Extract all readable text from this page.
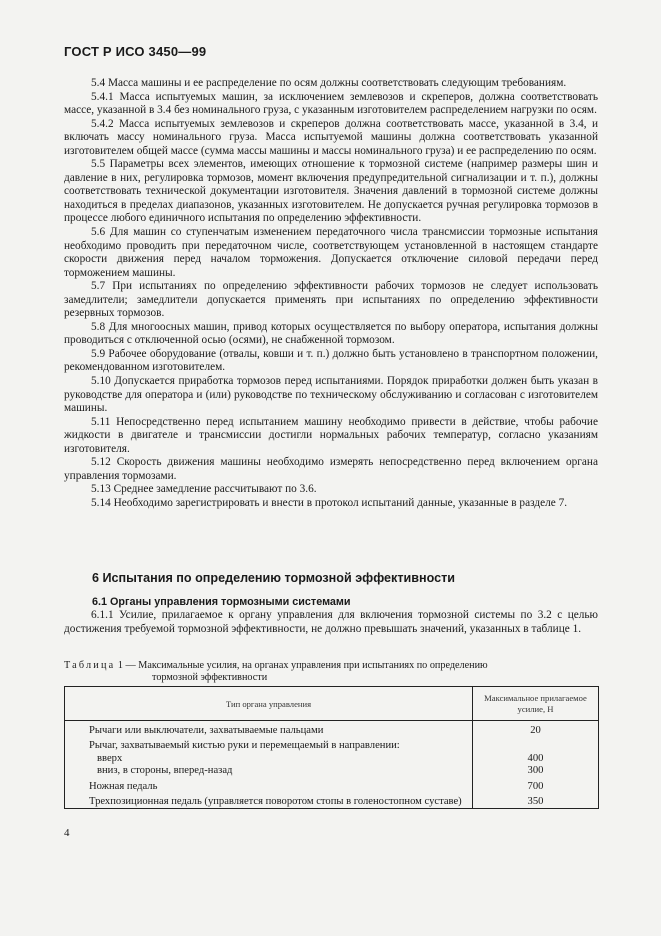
ГОСТ Р ИСО 3450—99

5.4 Масса машины и ее распределение по осям должны соответствовать следующим требованиям.

5.4.1 Масса испытуемых машин, за исключением землевозов и скреперов, должна соответствовать массе, указанной в 3.4 без номинального груза, с указанным изготовителем распределением нагрузки по осям.

5.4.2 Масса испытуемых землевозов и скреперов должна соответствовать массе, указанной в 3.4, и включать массу номинального груза. Масса испытуемой машины должна соответствовать указанной изготовителем общей массе (сумма массы машины и массы номинального груза) и ее распределению по осям.

5.5 Параметры всех элементов, имеющих отношение к тормозной системе (например размеры шин и давление в них, регулировка тормозов, момент включения предупредительной сигнализации и т. п.), должны соответствовать технической документации изготовителя. Значения давлений в тормозной системе должны находиться в пределах диапазонов, указанных изготовителем. Не допускается ручная регулировка тормозов в процессе любого единичного испытания по определению эффективности.

5.6 Для машин со ступенчатым изменением передаточного числа трансмиссии тормозные испытания необходимо проводить при передаточном числе, соответствующем установленной в настоящем стандарте скорости движения перед началом торможения. Допускается отключение силовой передачи перед торможением машины.

5.7 При испытаниях по определению эффективности рабочих тормозов не следует использовать замедлители; замедлители допускается применять при испытаниях по определению эффективности резервных тормозов.

5.8 Для многоосных машин, привод которых осуществляется по выбору оператора, испытания должны проводиться с отключенной осью (осями), не снабженной тормозом.

5.9 Рабочее оборудование (отвалы, ковши и т. п.) должно быть установлено в транспортном положении, рекомендованном изготовителем.

5.10 Допускается приработка тормозов перед испытаниями. Порядок приработки должен быть указан в руководстве для оператора и (или) руководстве по техническому обслуживанию и согласован с изготовителем машины.

5.11 Непосредственно перед испытанием машину необходимо привести в действие, чтобы рабочие жидкости в двигателе и трансмиссии достигли нормальных рабочих температур, согласно указаниям изготовителя.

5.12 Скорость движения машины необходимо измерять непосредственно перед включением органа управления тормозами.

5.13 Среднее замедление рассчитывают по 3.6.

5.14 Необходимо зарегистрировать и внести в протокол испытаний данные, указанные в разделе 7.

6 Испытания по определению тормозной эффективности
6.1 Органы управления тормозными системами

6.1.1 Усилие, прилагаемое к органу управления для включения тормозной системы по 3.2 с целью достижения требуемой тормозной эффективности, не должно превышать значений, указанных в таблице 1.

Таблица 1 — Максимальные усилия, на органах управления при испытаниях по определению
тормозной эффективности
Тип органа управления	Максимальное прилагаемое усилие, Н
Рычаги или выключатели, захватываемые пальцами	20
Рычаг, захватываемый кистью руки и перемещаемый в направлении:	

вверх	400

вниз, в стороны, вперед-назад	300
Ножная педаль	700
Трехпозиционная педаль (управляется поворотом стопы в голеностопном суставе)	350
4
